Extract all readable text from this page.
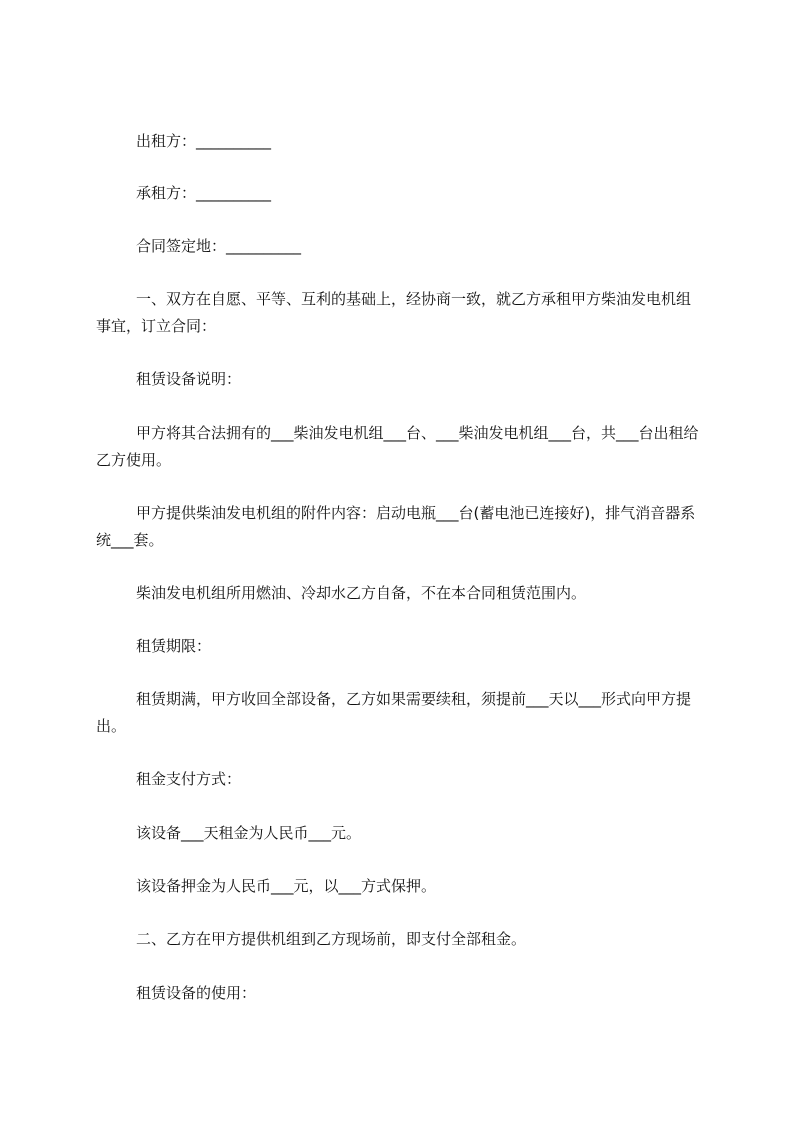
出租方：__________

承租方：__________

合同签定地：__________

一、双方在自愿、平等、互利的基础上，经协商一致，就乙方承租甲方柴油发电机组事宜，订立合同：

租赁设备说明：

甲方将其合法拥有的___柴油发电机组___台、___柴油发电机组___台，共___台出租给乙方使用。

甲方提供柴油发电机组的附件内容：启动电瓶___台(蓄电池已连接好)，排气消音器系统___套。

柴油发电机组所用燃油、冷却水乙方自备，不在本合同租赁范围内。

租赁期限：

租赁期满，甲方收回全部设备，乙方如果需要续租，须提前___天以___形式向甲方提出。

租金支付方式：

该设备___天租金为人民币___元。

该设备押金为人民币___元，以___方式保押。

二、乙方在甲方提供机组到乙方现场前，即支付全部租金。

租赁设备的使用：
